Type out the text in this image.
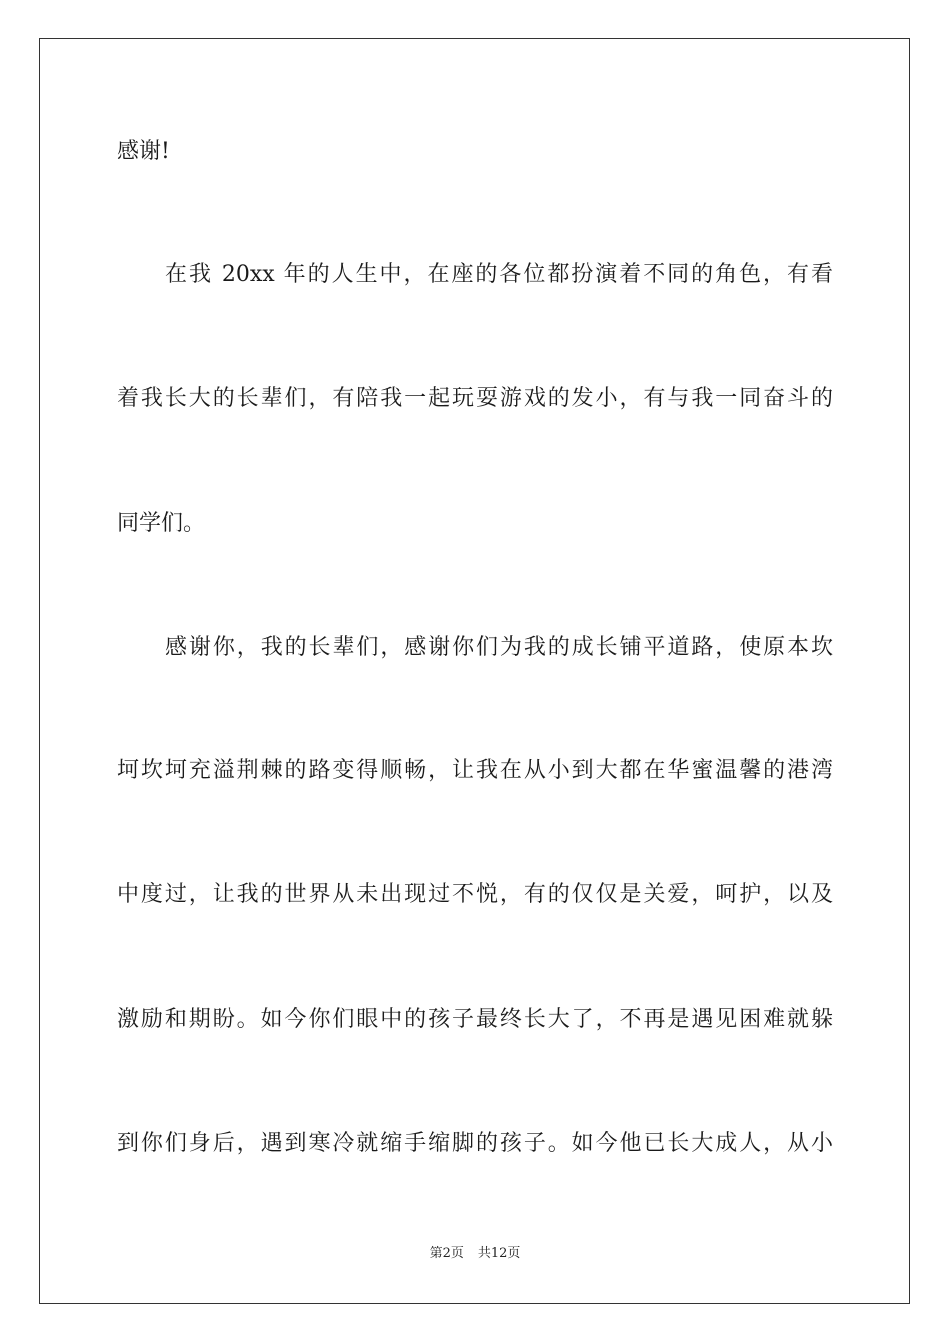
感谢!
在我 20xx 年的人生中，在座的各位都扮演着不同的角色，有看
着我长大的长辈们，有陪我一起玩耍游戏的发小，有与我一同奋斗的
同学们。
感谢你，我的长辈们，感谢你们为我的成长铺平道路，使原本坎
坷坎坷充溢荆棘的路变得顺畅，让我在从小到大都在华蜜温馨的港湾
中度过，让我的世界从未出现过不悦，有的仅仅是关爱，呵护，以及
激励和期盼。如今你们眼中的孩子最终长大了，不再是遇见困难就躲
到你们身后，遇到寒冷就缩手缩脚的孩子。如今他已长大成人，从小
第2页 共12页
